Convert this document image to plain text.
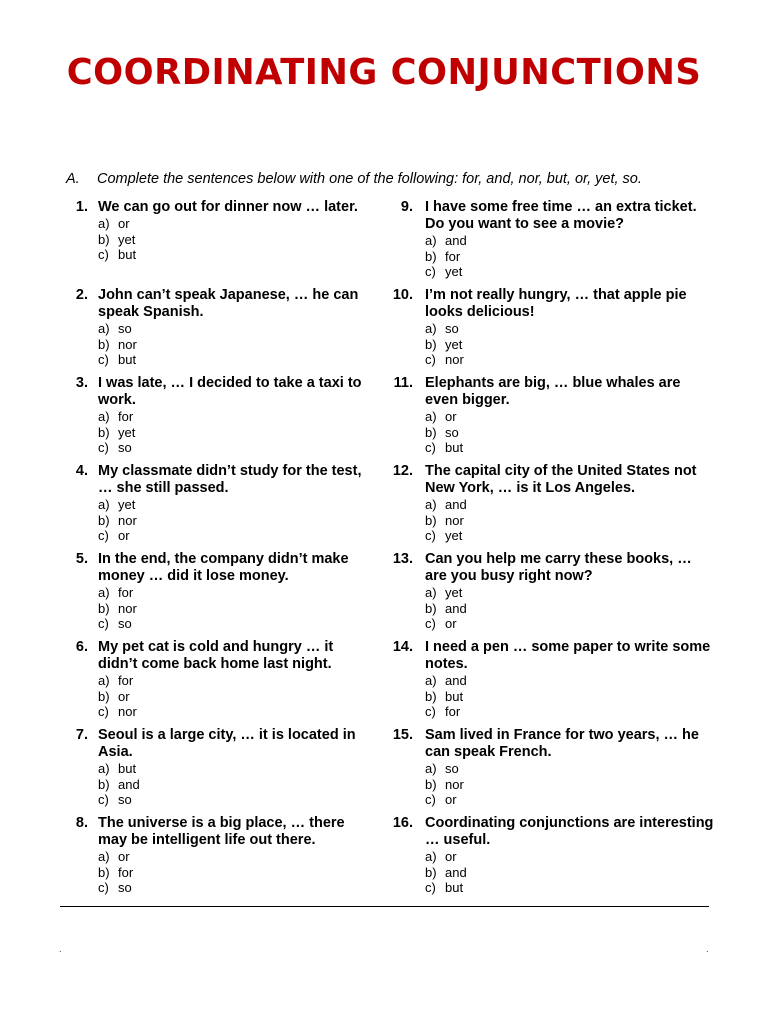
COORDINATING CONJUNCTIONS
A. Complete the sentences below with one of the following: for, and, nor, but, or, yet, so.
1. We can go out for dinner now … later.
a) or
b) yet
c) but
2. John can’t speak Japanese, … he can speak Spanish.
a) so
b) nor
c) but
3. I was late, … I decided to take a taxi to work.
a) for
b) yet
c) so
4. My classmate didn’t study for the test, … she still passed.
a) yet
b) nor
c) or
5. In the end, the company didn’t make money … did it lose money.
a) for
b) nor
c) so
6. My pet cat is cold and hungry … it didn’t come back home last night.
a) for
b) or
c) nor
7. Seoul is a large city, … it is located in Asia.
a) but
b) and
c) so
8. The universe is a big place, … there may be intelligent life out there.
a) or
b) for
c) so
9. I have some free time … an extra ticket. Do you want to see a movie?
a) and
b) for
c) yet
10. I’m not really hungry, … that apple pie looks delicious!
a) so
b) yet
c) nor
11. Elephants are big, … blue whales are even bigger.
a) or
b) so
c) but
12. The capital city of the United States not New York, … is it Los Angeles.
a) and
b) nor
c) yet
13. Can you help me carry these books, … are you busy right now?
a) yet
b) and
c) or
14. I need a pen … some paper to write some notes.
a) and
b) but
c) for
15. Sam lived in France for two years, … he can speak French.
a) so
b) nor
c) or
16. Coordinating conjunctions are interesting … useful.
a) or
b) and
c) but
.	.
